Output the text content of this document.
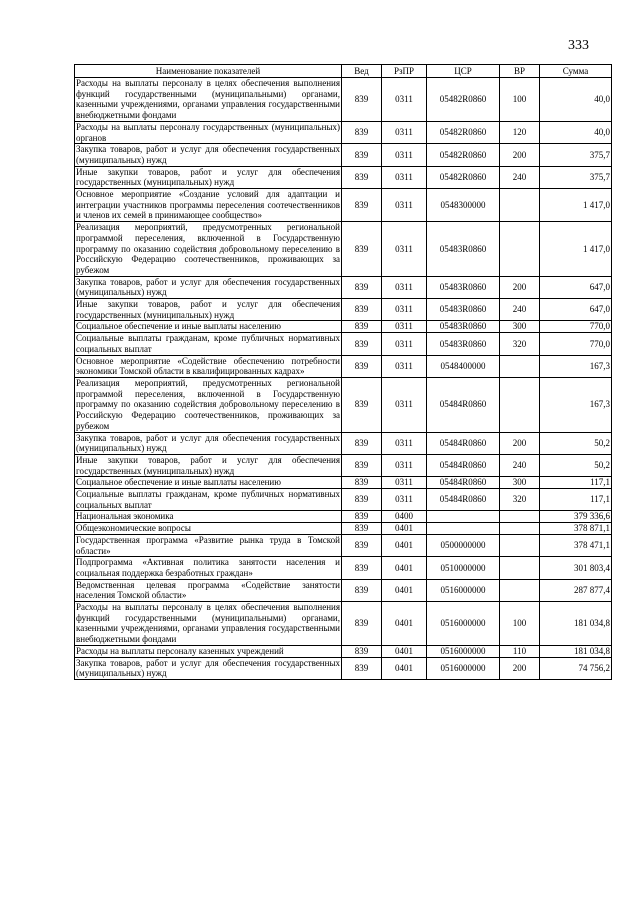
333
Наименование показателей	Вед	РзПР	ЦСР	ВР	Сумма
Расходы на выплаты персоналу в целях обеспечения выполнения функций государственными (муниципальными) органами, казенными учреждениями, органами управления государственными внебюджетными фондами	839	0311	05482R0860	100	40,0
Расходы на выплаты персоналу государственных (муниципальных) органов	839	0311	05482R0860	120	40,0
Закупка товаров, работ и услуг для обеспечения государственных (муниципальных) нужд	839	0311	05482R0860	200	375,7
Иные закупки товаров, работ и услуг для обеспечения государственных (муниципальных) нужд	839	0311	05482R0860	240	375,7
Основное мероприятие «Создание условий для адаптации и интеграции участников программы переселения соотечественников и членов их семей в принимающее сообщество»	839	0311	0548300000		1 417,0
Реализация мероприятий, предусмотренных региональной программой переселения, включенной в Государственную программу по оказанию содействия добровольному переселению в Российскую Федерацию соотечественников, проживающих за рубежом	839	0311	05483R0860		1 417,0
Закупка товаров, работ и услуг для обеспечения государственных (муниципальных) нужд	839	0311	05483R0860	200	647,0
Иные закупки товаров, работ и услуг для обеспечения государственных (муниципальных) нужд	839	0311	05483R0860	240	647,0
Социальное обеспечение и иные выплаты населению	839	0311	05483R0860	300	770,0
Социальные выплаты гражданам, кроме публичных нормативных социальных выплат	839	0311	05483R0860	320	770,0
Основное мероприятие «Содействие обеспечению потребности экономики Томской области в квалифицированных кадрах»	839	0311	0548400000		167,3
Реализация мероприятий, предусмотренных региональной программой переселения, включенной в Государственную программу по оказанию содействия добровольному переселению в Российскую Федерацию соотечественников, проживающих за рубежом	839	0311	05484R0860		167,3
Закупка товаров, работ и услуг для обеспечения государственных (муниципальных) нужд	839	0311	05484R0860	200	50,2
Иные закупки товаров, работ и услуг для обеспечения государственных (муниципальных) нужд	839	0311	05484R0860	240	50,2
Социальное обеспечение и иные выплаты населению	839	0311	05484R0860	300	117,1
Социальные выплаты гражданам, кроме публичных нормативных социальных выплат	839	0311	05484R0860	320	117,1
Национальная экономика	839	0400			379 336,6
Общеэкономические вопросы	839	0401			378 871,1
Государственная программа «Развитие рынка труда в Томской области»	839	0401	0500000000		378 471,1
Подпрограмма «Активная политика занятости населения и социальная поддержка безработных граждан»	839	0401	0510000000		301 803,4
Ведомственная целевая программа «Содействие занятости населения Томской области»	839	0401	0516000000		287 877,4
Расходы на выплаты персоналу в целях обеспечения выполнения функций государственными (муниципальными) органами, казенными учреждениями, органами управления государственными внебюджетными фондами	839	0401	0516000000	100	181 034,8
Расходы на выплаты персоналу казенных учреждений	839	0401	0516000000	110	181 034,8
Закупка товаров, работ и услуг для обеспечения государственных (муниципальных) нужд	839	0401	0516000000	200	74 756,2
